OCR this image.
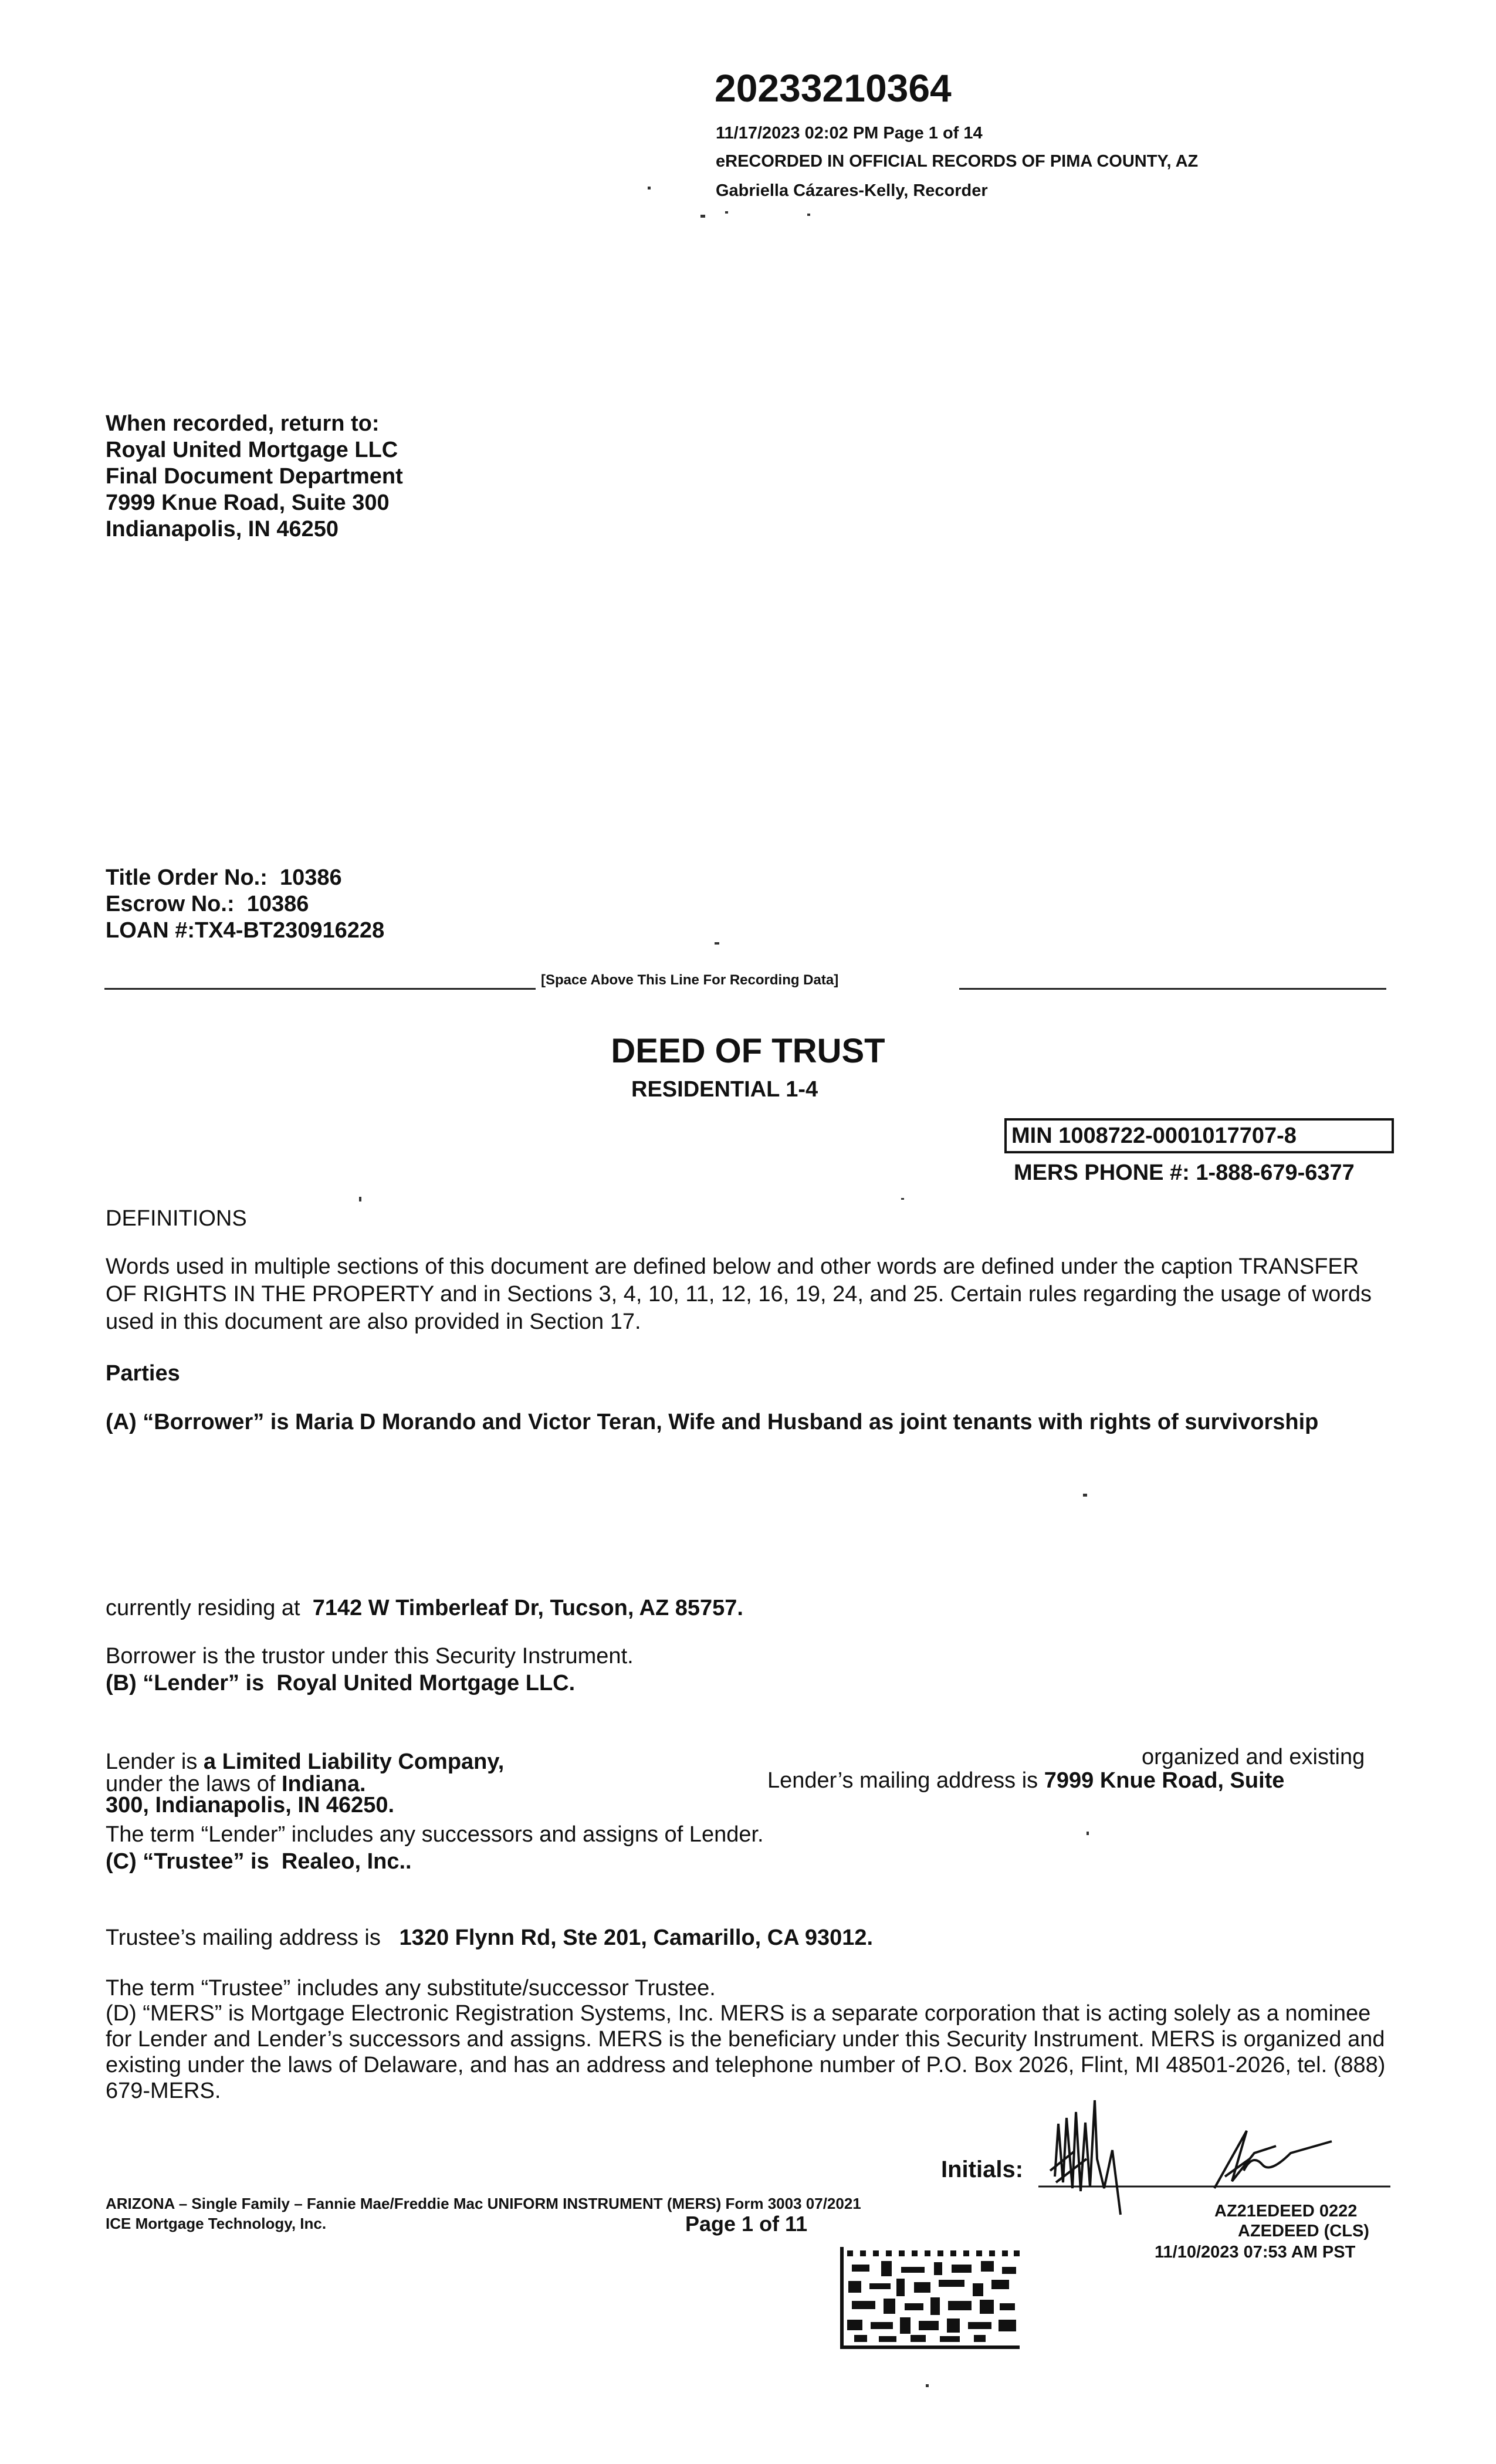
20233210364
11/17/2023 02:02 PM Page 1 of 14
eRECORDED IN OFFICIAL RECORDS OF PIMA COUNTY, AZ
Gabriella Cázares-Kelly, Recorder
When recorded, return to:
Royal United Mortgage LLC
Final Document Department
7999 Knue Road, Suite 300
Indianapolis, IN 46250
Title Order No.: 10386
Escrow No.: 10386
LOAN #:TX4-BT230916228
[Space Above This Line For Recording Data]
DEED OF TRUST
RESIDENTIAL 1-4
MIN 1008722-0001017707-8
MERS PHONE #: 1-888-679-6377
DEFINITIONS
Words used in multiple sections of this document are defined below and other words are defined under the caption TRANSFER OF RIGHTS IN THE PROPERTY and in Sections 3, 4, 10, 11, 12, 16, 19, 24, and 25. Certain rules regarding the usage of words used in this document are also provided in Section 17.
Parties
(A) “Borrower” is Maria D Morando and Victor Teran, Wife and Husband as joint tenants with rights of survivorship
currently residing at 7142 W Timberleaf Dr, Tucson, AZ 85757.
Borrower is the trustor under this Security Instrument.
(B) “Lender” is Royal United Mortgage LLC.
Lender is a Limited Liability Company,	organized and existing
under the laws of Indiana.	Lender’s mailing address is 7999 Knue Road, Suite
300, Indianapolis, IN 46250.
The term “Lender” includes any successors and assigns of Lender.
(C) “Trustee” is Realeo, Inc..
Trustee’s mailing address is 1320 Flynn Rd, Ste 201, Camarillo, CA 93012.
The term “Trustee” includes any substitute/successor Trustee.
(D) “MERS” is Mortgage Electronic Registration Systems, Inc. MERS is a separate corporation that is acting solely as a nominee for Lender and Lender’s successors and assigns. MERS is the beneficiary under this Security Instrument. MERS is organized and existing under the laws of Delaware, and has an address and telephone number of P.O. Box 2026, Flint, MI 48501-2026, tel. (888) 679-MERS.
Initials:
ARIZONA – Single Family – Fannie Mae/Freddie Mac UNIFORM INSTRUMENT (MERS) Form 3003 07/2021
ICE Mortgage Technology, Inc.	Page 1 of 11
AZ21EDEED 0222
AZEDEED (CLS)
11/10/2023 07:53 AM PST
